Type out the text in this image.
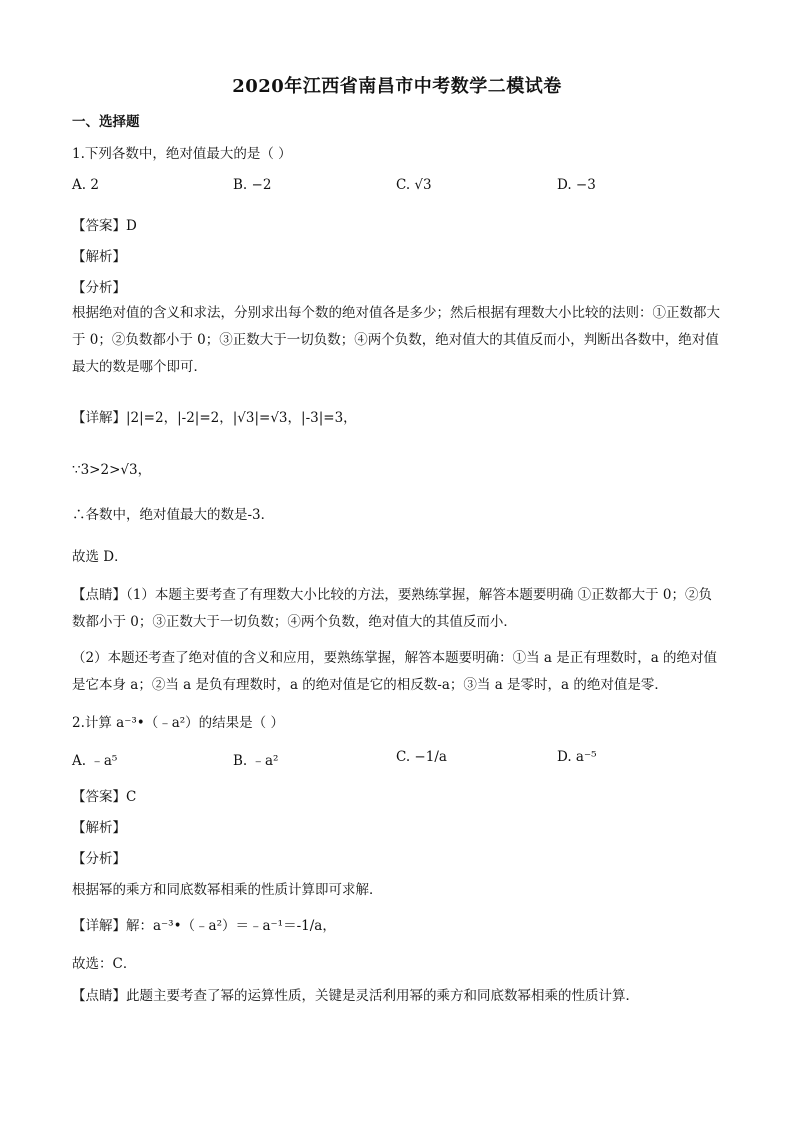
2020年江西省南昌市中考数学二模试卷
一、选择题
1.下列各数中，绝对值最大的是（ ）
A. 2	B. −2	C. √3	D. −3
【答案】D
【解析】
【分析】
根据绝对值的含义和求法，分别求出每个数的绝对值各是多少；然后根据有理数大小比较的法则：①正数都大于 0；②负数都小于 0；③正数大于一切负数；④两个负数，绝对值大的其值反而小，判断出各数中，绝对值最大的数是哪个即可．
【详解】|2|=2，|-2|=2，|√3|=√3，|-3|=3，
∵3>2>√3，
∴各数中，绝对值最大的数是-3．
故选 D．
【点睛】（1）本题主要考查了有理数大小比较的方法，要熟练掌握，解答本题要明确 ①正数都大于 0；②负数都小于 0；③正数大于一切负数；④两个负数，绝对值大的其值反而小．
（2）本题还考查了绝对值的含义和应用，要熟练掌握，解答本题要明确：①当 a 是正有理数时，a 的绝对值是它本身 a；②当 a 是负有理数时，a 的绝对值是它的相反数-a；③当 a 是零时，a 的绝对值是零．
2.计算 a⁻³•（﹣a²）的结果是（ ）
A. ﹣a⁵	B. ﹣a²	C. −1/a	D. a⁻⁵
【答案】C
【解析】
【分析】
根据幂的乘方和同底数幂相乘的性质计算即可求解．
【详解】解：a⁻³•（﹣a²）＝﹣a⁻¹＝-1/a，
故选：C．
【点睛】此题主要考查了幂的运算性质，关键是灵活利用幂的乘方和同底数幂相乘的性质计算．
